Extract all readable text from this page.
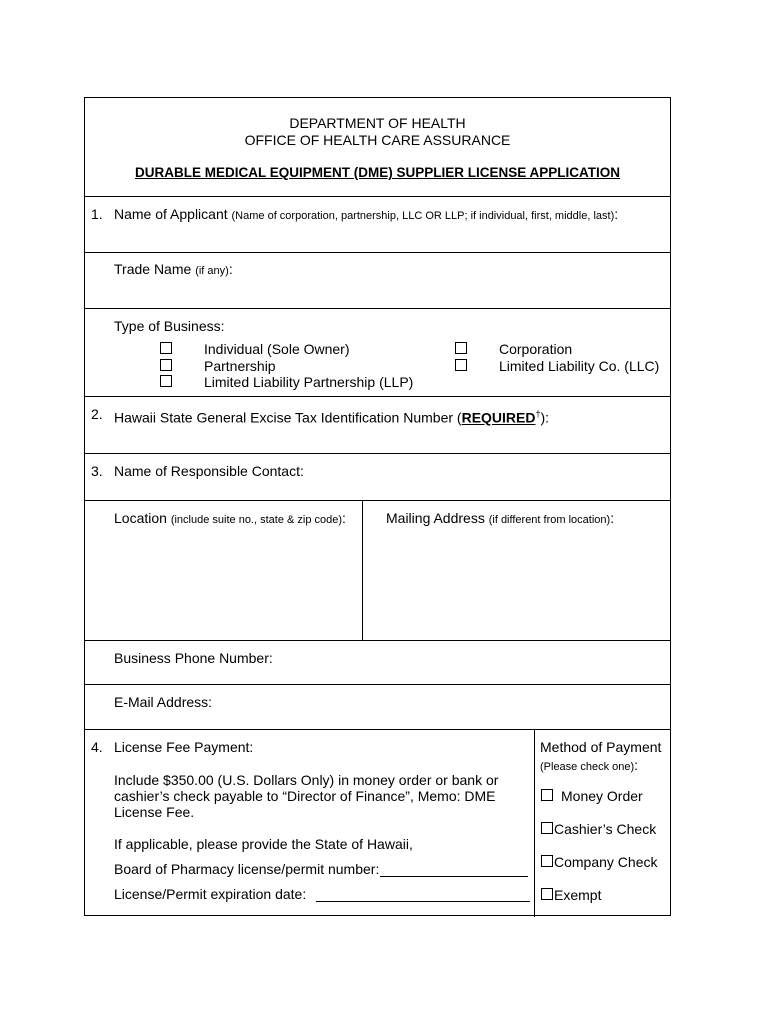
DEPARTMENT OF HEALTH
OFFICE OF HEALTH CARE ASSURANCE
DURABLE MEDICAL EQUIPMENT (DME) SUPPLIER LICENSE APPLICATION
1. Name of Applicant (Name of corporation, partnership, LLC OR LLP; if individual, first, middle, last):
Trade Name (if any):
Type of Business:
Individual (Sole Owner)
Partnership
Limited Liability Partnership (LLP)
Corporation
Limited Liability Co. (LLC)
2. Hawaii State General Excise Tax Identification Number (REQUIRED†):
3. Name of Responsible Contact:
Location (include suite no., state & zip code):	Mailing Address (if different from location):
Business Phone Number:
E-Mail Address:
4. License Fee Payment:
Include $350.00 (U.S. Dollars Only) in money order or bank or
cashier’s check payable to “Director of Finance”, Memo: DME
License Fee.
If applicable, please provide the State of Hawaii,
Board of Pharmacy license/permit number:
License/Permit expiration date:
Method of Payment
(Please check one):
Money Order
Cashier’s Check
Company Check
Exempt
